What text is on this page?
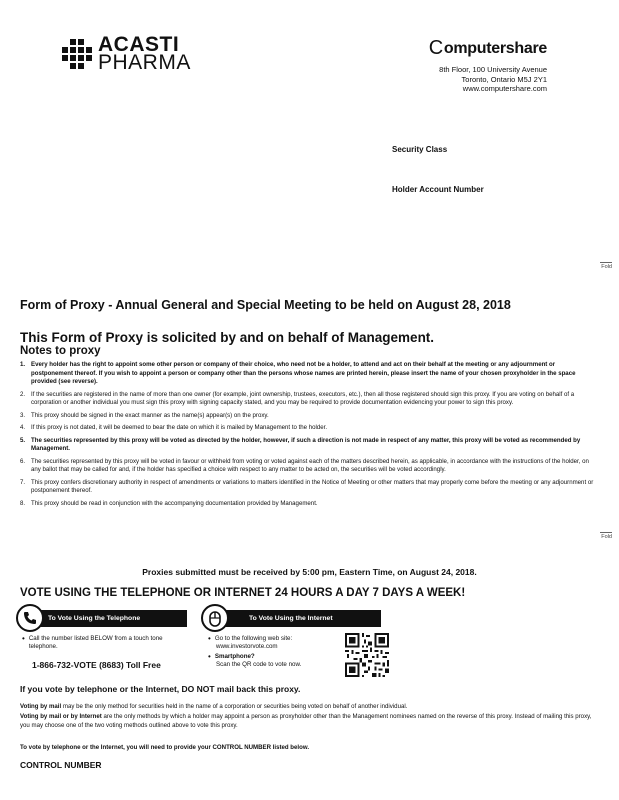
ACASTI
PHARMA
C omputershare
8th Floor, 100 University Avenue
Toronto, Ontario M5J 2Y1
www.computershare.com
Security Class
Holder Account Number
Fold
Fold
Form of Proxy - Annual General and Special Meeting to be held on August 28, 2018
This Form of Proxy is solicited by and on behalf of Management.
Notes to proxy
1. Every holder has the right to appoint some other person or company of their choice, who need not be a holder, to attend and act on their behalf at the meeting or any adjournment or postponement thereof. If you wish to appoint a person or company other than the persons whose names are printed herein, please insert the name of your chosen proxyholder in the space provided (see reverse).
2. If the securities are registered in the name of more than one owner (for example, joint ownership, trustees, executors, etc.), then all those registered should sign this proxy. If you are voting on behalf of a corporation or another individual you must sign this proxy with signing capacity stated, and you may be required to provide documentation evidencing your power to sign this proxy.
3. This proxy should be signed in the exact manner as the name(s) appear(s) on the proxy.
4. If this proxy is not dated, it will be deemed to bear the date on which it is mailed by Management to the holder.
5. The securities represented by this proxy will be voted as directed by the holder, however, if such a direction is not made in respect of any matter, this proxy will be voted as recommended by Management.
6. The securities represented by this proxy will be voted in favour or withheld from voting or voted against each of the matters described herein, as applicable, in accordance with the instructions of the holder, on any ballot that may be called for and, if the holder has specified a choice with respect to any matter to be acted on, the securities will be voted accordingly.
7. This proxy confers discretionary authority in respect of amendments or variations to matters identified in the Notice of Meeting or other matters that may properly come before the meeting or any adjournment or postponement thereof.
8. This proxy should be read in conjunction with the accompanying documentation provided by Management.
Proxies submitted must be received by 5:00 pm, Eastern Time, on August 24, 2018.
VOTE USING THE TELEPHONE OR INTERNET 24 HOURS A DAY 7 DAYS A WEEK!
To Vote Using the Telephone	To Vote Using the Internet
• Call the number listed BELOW from a touch tone telephone.
1-866-732-VOTE (8683) Toll Free
• Go to the following web site:
www.investorvote.com
• Smartphone?
Scan the QR code to vote now.
If you vote by telephone or the Internet, DO NOT mail back this proxy.
Voting by mail may be the only method for securities held in the name of a corporation or securities being voted on behalf of another individual.
Voting by mail or by Internet are the only methods by which a holder may appoint a person as proxyholder other than the Management nominees named on the reverse of this proxy. Instead of mailing this proxy, you may choose one of the two voting methods outlined above to vote this proxy.
To vote by telephone or the Internet, you will need to provide your CONTROL NUMBER listed below.
CONTROL NUMBER
